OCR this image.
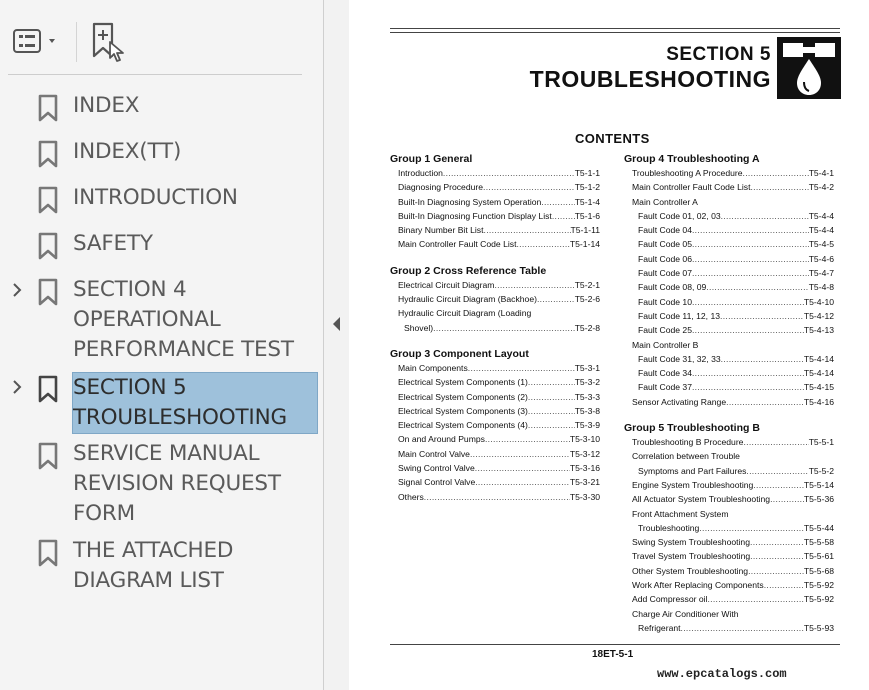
INDEX
INDEX(TT)
INTRODUCTION
SAFETY
SECTION 4
OPERATIONAL
PERFORMANCE TEST
SECTION 5
TROUBLESHOOTING
SERVICE MANUAL
REVISION REQUEST
FORM
THE ATTACHED
DIAGRAM LIST
SECTION 5
TROUBLESHOOTING
CONTENTS
Group 1 General
Introduction .....	T5-1-1
Diagnosing Procedure .....	T5-1-2
Built-In Diagnosing System Operation .....	T5-1-4
Built-In Diagnosing Function Display List .....	T5-1-6
Binary Number Bit List .....	T5-1-11
Main Controller Fault Code List .....	T5-1-14
Group 2 Cross Reference Table
Electrical Circuit Diagram .....	T5-2-1
Hydraulic Circuit Diagram (Backhoe) .....	T5-2-6
Hydraulic Circuit Diagram (Loading
Shovel) .....	T5-2-8
Group 3 Component Layout
Main Components .....	T5-3-1
Electrical System Components (1) .....	T5-3-2
Electrical System Components (2) .....	T5-3-3
Electrical System Components (3) .....	T5-3-8
Electrical System Components (4) .....	T5-3-9
On and Around Pumps .....	T5-3-10
Main Control Valve .....	T5-3-12
Swing Control Valve .....	T5-3-16
Signal Control Valve .....	T5-3-21
Others .....	T5-3-30
Group 4 Troubleshooting A
Troubleshooting A Procedure .....	T5-4-1
Main Controller Fault Code List .....	T5-4-2
Main Controller A
Fault Code 01, 02, 03 .....	T5-4-4
Fault Code 04 .....	T5-4-4
Fault Code 05 .....	T5-4-5
Fault Code 06 .....	T5-4-6
Fault Code 07 .....	T5-4-7
Fault Code 08, 09 .....	T5-4-8
Fault Code 10 .....	T5-4-10
Fault Code 11, 12, 13 .....	T5-4-12
Fault Code 25 .....	T5-4-13
Main Controller B
Fault Code 31, 32, 33 .....	T5-4-14
Fault Code 34 .....	T5-4-14
Fault Code 37 .....	T5-4-15
Sensor Activating Range .....	T5-4-16
Group 5 Troubleshooting B
Troubleshooting B Procedure .....	T5-5-1
Correlation between Trouble
Symptoms and Part Failures .....	T5-5-2
Engine System Troubleshooting .....	T5-5-14
All Actuator System Troubleshooting .....	T5-5-36
Front Attachment System
Troubleshooting .....	T5-5-44
Swing System Troubleshooting .....	T5-5-58
Travel System Troubleshooting .....	T5-5-61
Other System Troubleshooting .....	T5-5-68
Work After Replacing Components .....	T5-5-92
Add Compressor oil .....	T5-5-92
Charge Air Conditioner With
Refrigerant .....	T5-5-93
18ET-5-1
www.epcatalogs.com
